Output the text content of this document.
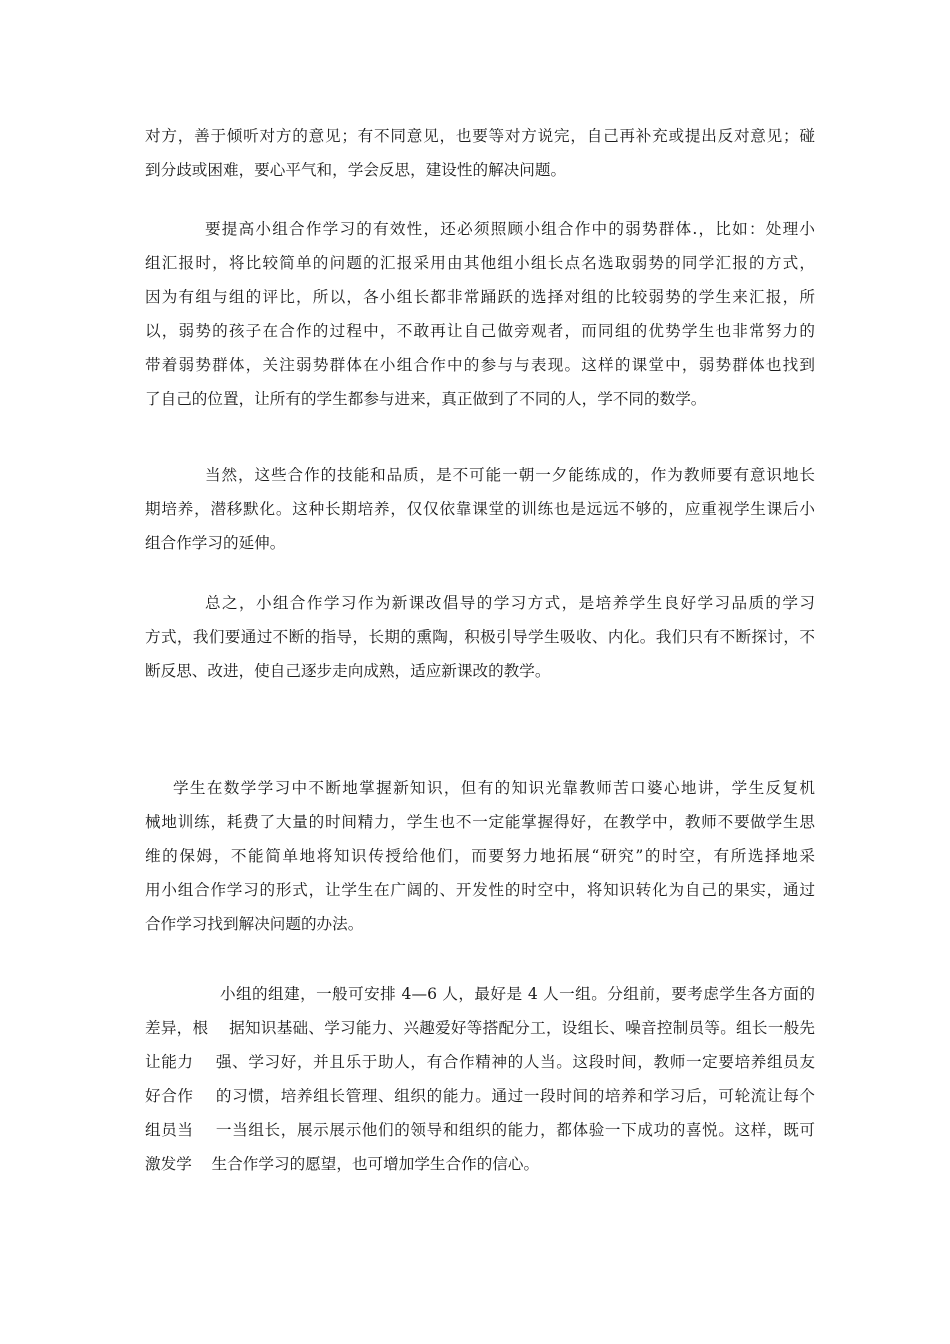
对方，善于倾听对方的意见；有不同意见，也要等对方说完，自己再补充或提出反对意见；碰
到分歧或困难，要心平气和，学会反思，建设性的解决问题。
要提高小组合作学习的有效性，还必须照顾小组合作中的弱势群体.，比如：处理小
组汇报时，将比较简单的问题的汇报采用由其他组小组长点名选取弱势的同学汇报的方式，
因为有组与组的评比，所以，各小组长都非常踊跃的选择对组的比较弱势的学生来汇报，所
以，弱势的孩子在合作的过程中，不敢再让自己做旁观者，而同组的优势学生也非常努力的
带着弱势群体，关注弱势群体在小组合作中的参与与表现。这样的课堂中，弱势群体也找到
了自己的位置，让所有的学生都参与进来，真正做到了不同的人，学不同的数学。
当然，这些合作的技能和品质，是不可能一朝一夕能练成的，作为教师要有意识地长
期培养，潜移默化。这种长期培养，仅仅依靠课堂的训练也是远远不够的，应重视学生课后小
组合作学习的延伸。
总之，小组合作学习作为新课改倡导的学习方式，是培养学生良好学习品质的学习
方式，我们要通过不断的指导，长期的熏陶，积极引导学生吸收、内化。我们只有不断探讨，不
断反思、改进，使自己逐步走向成熟，适应新课改的教学。
学生在数学学习中不断地掌握新知识，但有的知识光靠教师苦口婆心地讲，学生反复机
械地训练，耗费了大量的时间精力，学生也不一定能掌握得好，在教学中，教师不要做学生思
维的保姆，不能简单地将知识传授给他们，而要努力地拓展“研究”的时空，有所选择地采
用小组合作学习的形式，让学生在广阔的、开发性的时空中，将知识转化为自己的果实，通过
合作学习找到解决问题的办法。
小组的组建，一般可安排 4—6 人，最好是 4 人一组。分组前，要考虑学生各方面的
差异，根    据知识基础、学习能力、兴趣爱好等搭配分工，设组长、噪音控制员等。组长一般先
让能力    强、学习好，并且乐于助人，有合作精神的人当。这段时间，教师一定要培养组员友
好合作    的习惯，培养组长管理、组织的能力。通过一段时间的培养和学习后，可轮流让每个
组员当    一当组长，展示展示他们的领导和组织的能力，都体验一下成功的喜悦。这样，既可
激发学    生合作学习的愿望，也可增加学生合作的信心。
